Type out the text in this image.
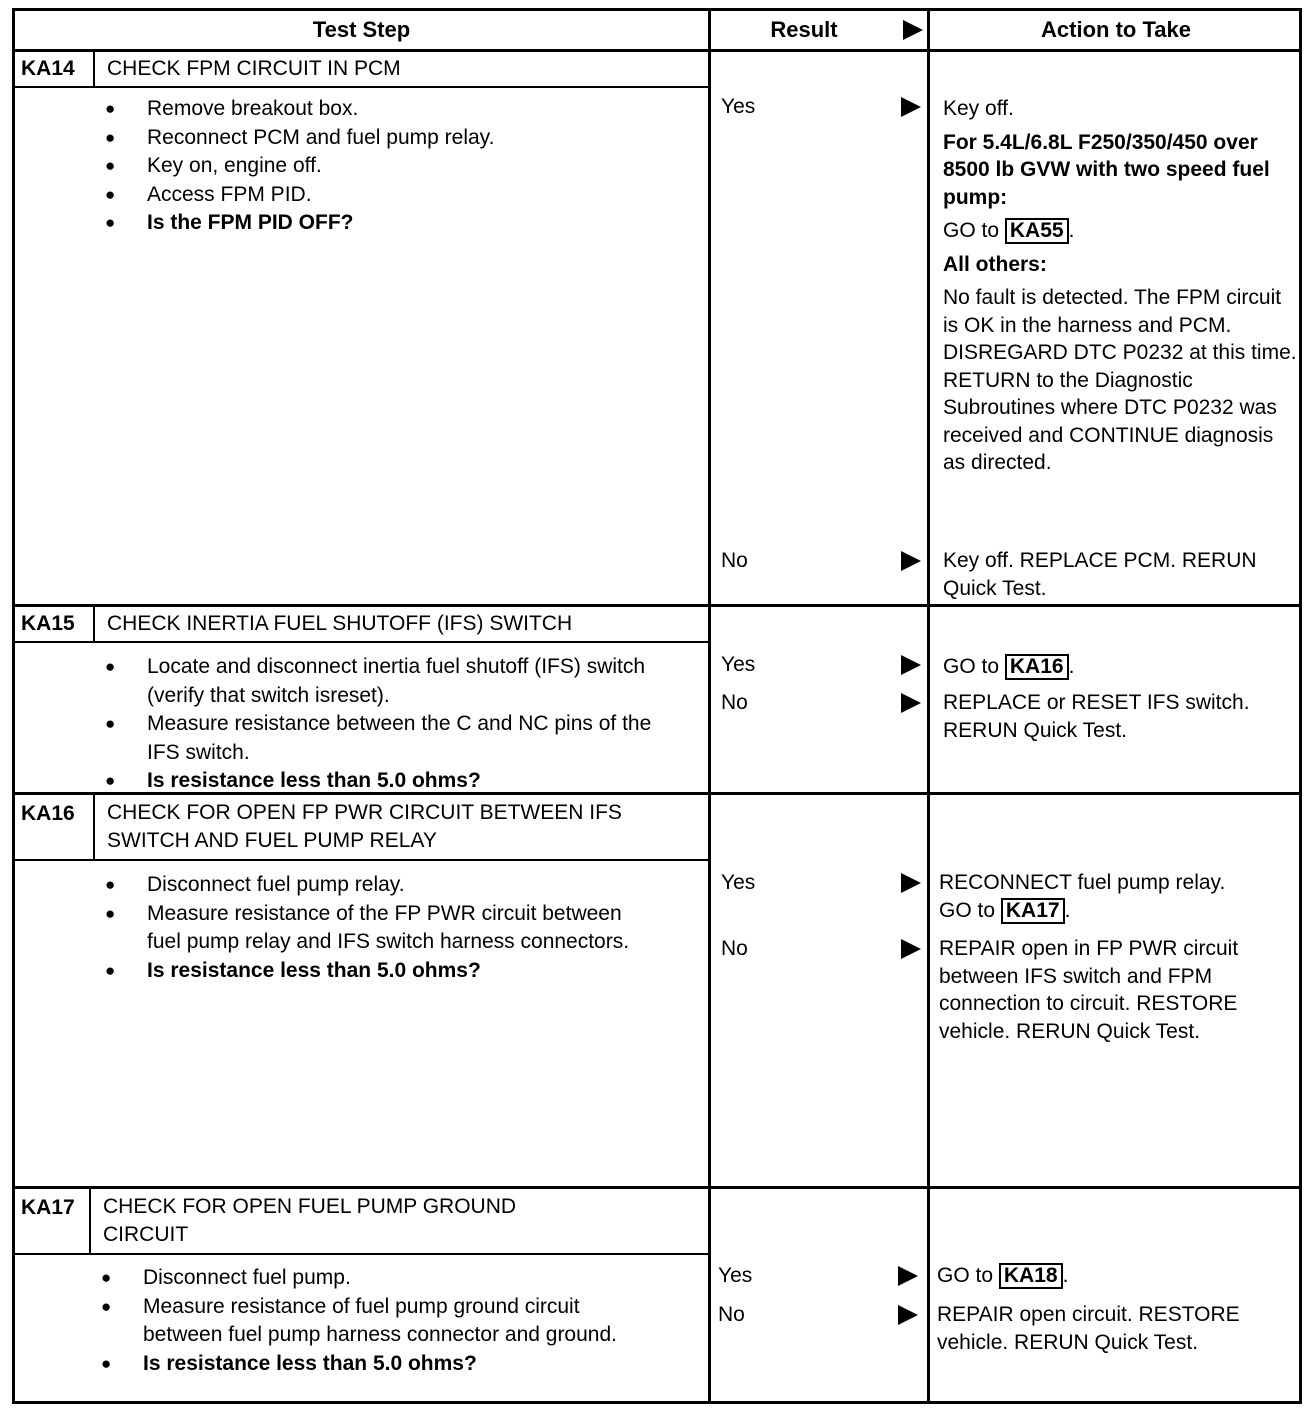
Test Step	Result	Action to Take
KA14	CHECK FPM CIRCUIT IN PCM
● Remove breakout box.
● Reconnect PCM and fuel pump relay.
● Key on, engine off.
● Access FPM PID.
● Is the FPM PID OFF?
Yes	Key off.

For 5.4L/6.8L F250/350/450 over 8500 lb GVW with two speed fuel pump:

GO to KA55 .

All others:

No fault is detected. The FPM circuit is OK in the harness and PCM. DISREGARD DTC P0232 at this time. RETURN to the Diagnostic Subroutines where DTC P0232 was received and CONTINUE diagnosis as directed.

No	Key off. REPLACE PCM. RERUN Quick Test.
KA15	CHECK INERTIA FUEL SHUTOFF (IFS) SWITCH
● Locate and disconnect inertia fuel shutoff (IFS) switch (verify that switch isreset).
● Measure resistance between the C and NC pins of the IFS switch.
● Is resistance less than 5.0 ohms?
Yes	GO to KA16 .
No	REPLACE or RESET IFS switch. RERUN Quick Test.
KA16	CHECK FOR OPEN FP PWR CIRCUIT BETWEEN IFS SWITCH AND FUEL PUMP RELAY
● Disconnect fuel pump relay.
● Measure resistance of the FP PWR circuit between fuel pump relay and IFS switch harness connectors.
● Is resistance less than 5.0 ohms?
Yes	RECONNECT fuel pump relay.
GO to KA17 .
No	REPAIR open in FP PWR circuit between IFS switch and FPM connection to circuit. RESTORE vehicle. RERUN Quick Test.
KA17	CHECK FOR OPEN FUEL PUMP GROUND CIRCUIT
● Disconnect fuel pump.
● Measure resistance of fuel pump ground circuit between fuel pump harness connector and ground.
● Is resistance less than 5.0 ohms?
Yes	GO to KA18 .
No	REPAIR open circuit. RESTORE vehicle. RERUN Quick Test.
